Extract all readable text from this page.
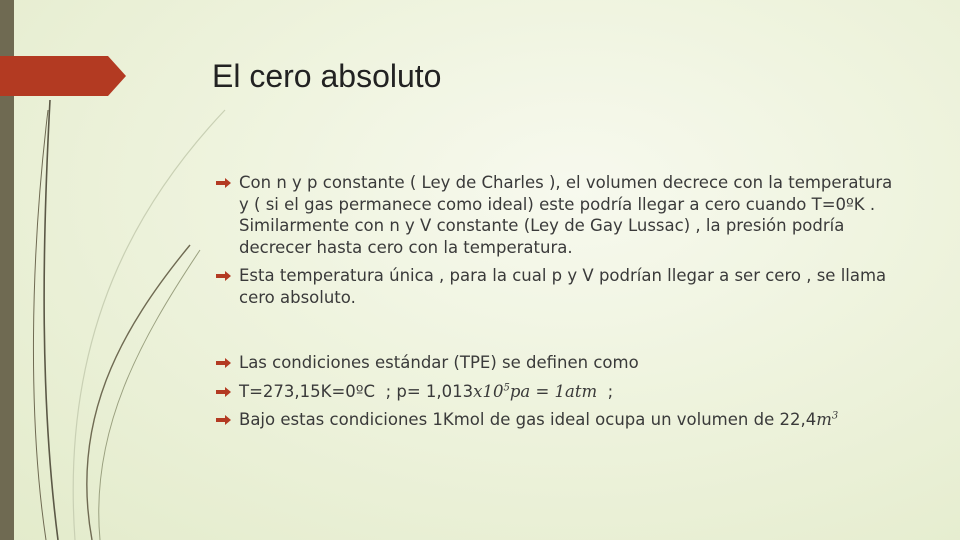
El cero absoluto
Con n y p constante ( Ley de Charles ), el volumen decrece con la temperatura y ( si el gas permanece como ideal) este podría llegar a cero cuando T=0ºK . Similarmente con n y V constante (Ley de Gay Lussac) , la presión podría decrecer hasta cero con la temperatura.
Esta temperatura única , para la cual p y V podrían llegar a ser cero , se llama cero absoluto.
Las condiciones estándar (TPE) se definen como
T=273,15K=0ºC  ; $p= 1,013x10^5pa = 1atm$  ;
Bajo estas condiciones 1Kmol de gas ideal ocupa un volumen de $22,4m^3$
